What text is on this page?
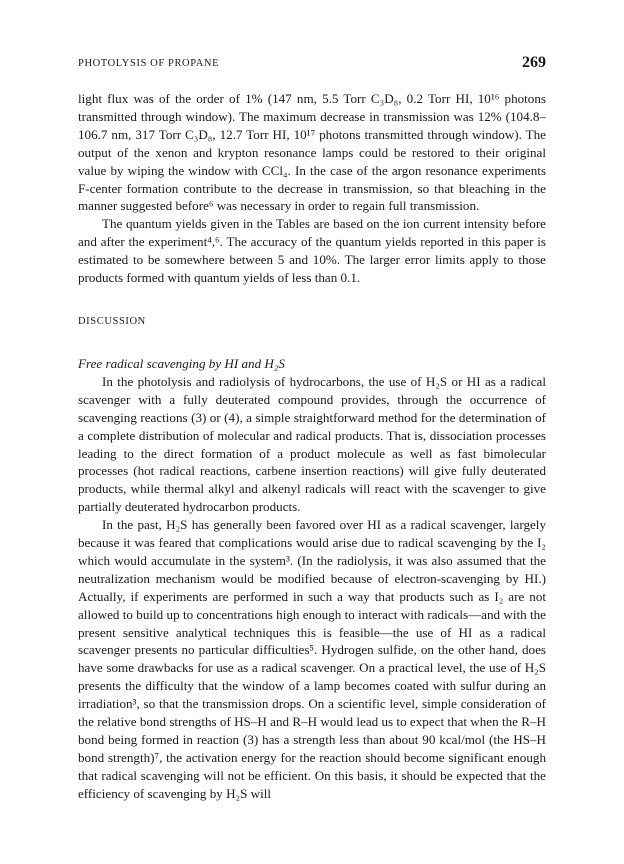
PHOTOLYSIS OF PROPANE	269

light flux was of the order of 1% (147 nm, 5.5 Torr C₃D₈, 0.2 Torr HI, 10¹⁶ photons transmitted through window). The maximum decrease in transmission was 12% (104.8–106.7 nm, 317 Torr C₃D₈, 12.7 Torr HI, 10¹⁷ photons transmitted through window). The output of the xenon and krypton resonance lamps could be restored to their original value by wiping the window with CCl₄. In the case of the argon resonance experiments F-center formation contribute to the decrease in transmission, so that bleaching in the manner suggested before⁶ was necessary in order to regain full transmission.

The quantum yields given in the Tables are based on the ion current intensity before and after the experiment⁴,⁶. The accuracy of the quantum yields reported in this paper is estimated to be somewhere between 5 and 10%. The larger error limits apply to those products formed with quantum yields of less than 0.1.

DISCUSSION
Free radical scavenging by HI and H₂S

In the photolysis and radiolysis of hydrocarbons, the use of H₂S or HI as a radical scavenger with a fully deuterated compound provides, through the occurrence of scavenging reactions (3) or (4), a simple straightforward method for the determination of a complete distribution of molecular and radical products. That is, dissociation processes leading to the direct formation of a product molecule as well as fast bimolecular processes (hot radical reactions, carbene insertion reactions) will give fully deuterated products, while thermal alkyl and alkenyl radicals will react with the scavenger to give partially deuterated hydrocarbon products.

In the past, H₂S has generally been favored over HI as a radical scavenger, largely because it was feared that complications would arise due to radical scavenging by the I₂ which would accumulate in the system³. (In the radiolysis, it was also assumed that the neutralization mechanism would be modified because of electron-scavenging by HI.) Actually, if experiments are performed in such a way that products such as I₂ are not allowed to build up to concentrations high enough to interact with radicals—and with the present sensitive analytical techniques this is feasible—the use of HI as a radical scavenger presents no particular difficulties⁵. Hydrogen sulfide, on the other hand, does have some drawbacks for use as a radical scavenger. On a practical level, the use of H₂S presents the difficulty that the window of a lamp becomes coated with sulfur during an irradiation³, so that the transmission drops. On a scientific level, simple consideration of the relative bond strengths of HS–H and R–H would lead us to expect that when the R–H bond being formed in reaction (3) has a strength less than about 90 kcal/mol (the HS–H bond strength)⁷, the activation energy for the reaction should become significant enough that radical scavenging will not be efficient. On this basis, it should be expected that the efficiency of scavenging by H₂S will
